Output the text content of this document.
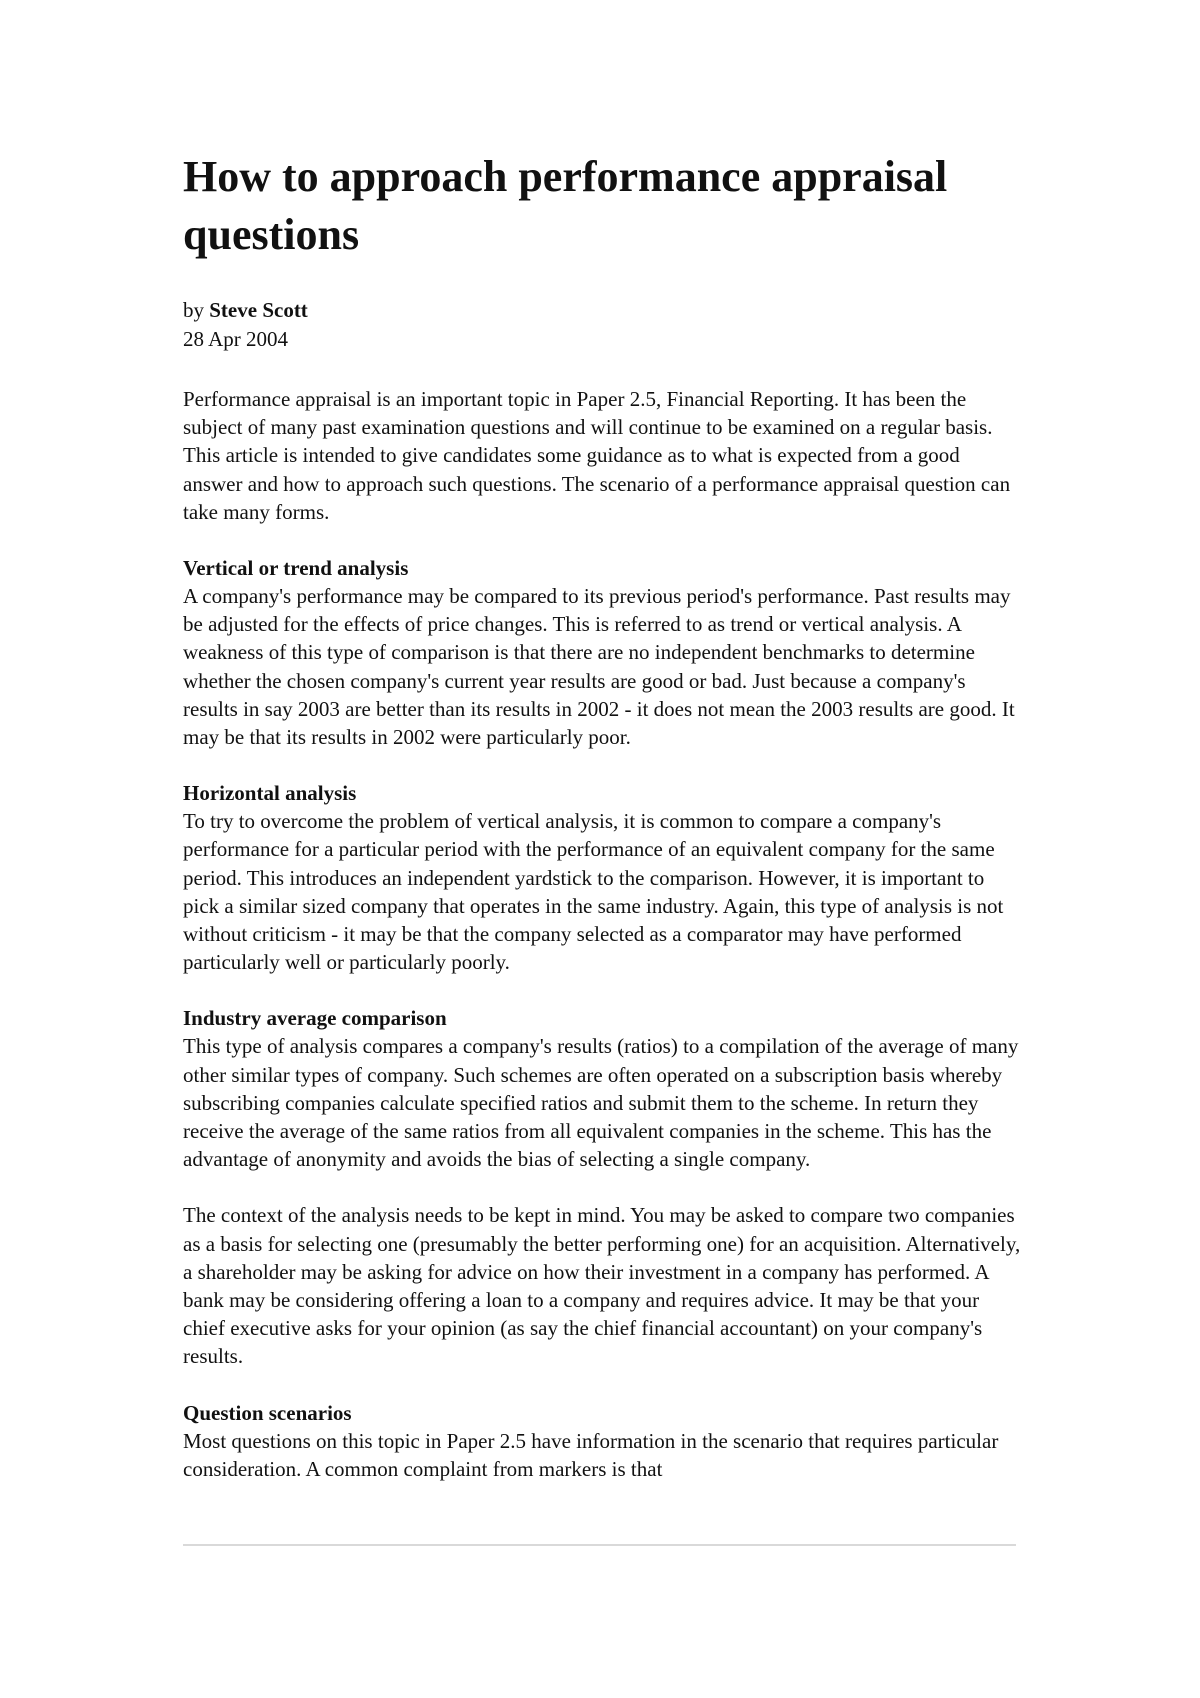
How to approach performance appraisal questions
by Steve Scott
28 Apr 2004

Performance appraisal is an important topic in Paper 2.5, Financial Reporting. It has been the subject of many past examination questions and will continue to be examined on a regular basis. This article is intended to give candidates some guidance as to what is expected from a good answer and how to approach such questions. The scenario of a performance appraisal question can take many forms.

Vertical or trend analysis

A company's performance may be compared to its previous period's performance. Past results may be adjusted for the effects of price changes. This is referred to as trend or vertical analysis. A weakness of this type of comparison is that there are no independent benchmarks to determine whether the chosen company's current year results are good or bad. Just because a company's results in say 2003 are better than its results in 2002 - it does not mean the 2003 results are good. It may be that its results in 2002 were particularly poor.

Horizontal analysis

To try to overcome the problem of vertical analysis, it is common to compare a company's performance for a particular period with the performance of an equivalent company for the same period. This introduces an independent yardstick to the comparison. However, it is important to pick a similar sized company that operates in the same industry. Again, this type of analysis is not without criticism - it may be that the company selected as a comparator may have performed particularly well or particularly poorly.

Industry average comparison

This type of analysis compares a company's results (ratios) to a compilation of the average of many other similar types of company. Such schemes are often operated on a subscription basis whereby subscribing companies calculate specified ratios and submit them to the scheme. In return they receive the average of the same ratios from all equivalent companies in the scheme. This has the advantage of anonymity and avoids the bias of selecting a single company.

The context of the analysis needs to be kept in mind. You may be asked to compare two companies as a basis for selecting one (presumably the better performing one) for an acquisition. Alternatively, a shareholder may be asking for advice on how their investment in a company has performed. A bank may be considering offering a loan to a company and requires advice. It may be that your chief executive asks for your opinion (as say the chief financial accountant) on your company's results.

Question scenarios

Most questions on this topic in Paper 2.5 have information in the scenario that requires particular consideration. A common complaint from markers is that
